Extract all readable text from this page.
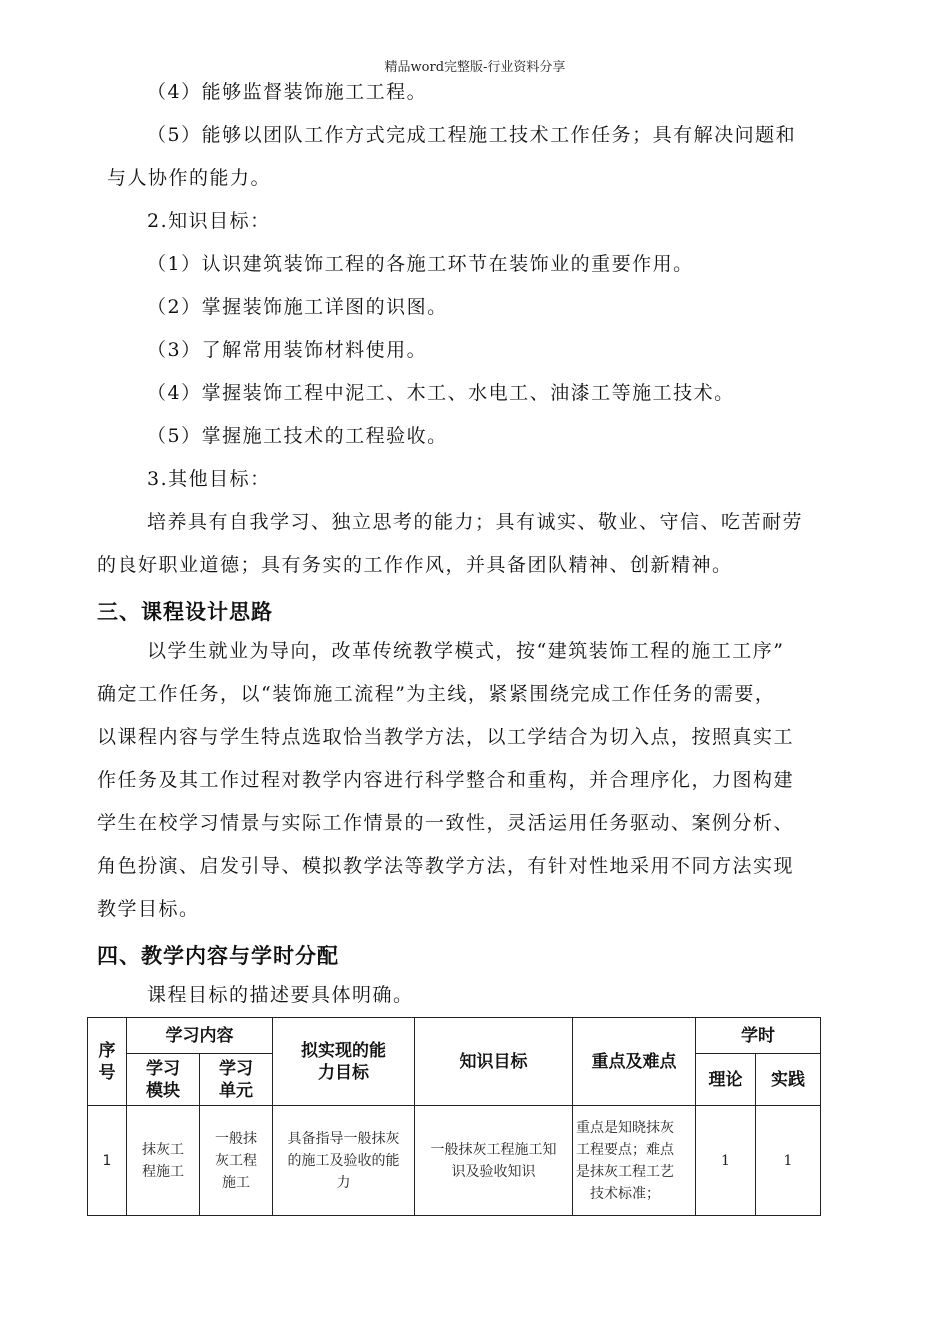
精品word完整版-行业资料分享
（4）能够监督装饰施工工程。
（5）能够以团队工作方式完成工程施工技术工作任务；具有解决问题和
与人协作的能力。
2.知识目标：
（1）认识建筑装饰工程的各施工环节在装饰业的重要作用。
（2）掌握装饰施工详图的识图。
（3）了解常用装饰材料使用。
（4）掌握装饰工程中泥工、木工、水电工、油漆工等施工技术。
（5）掌握施工技术的工程验收。
3.其他目标：
培养具有自我学习、独立思考的能力；具有诚实、敬业、守信、吃苦耐劳
的良好职业道德；具有务实的工作作风，并具备团队精神、创新精神。
三、课程设计思路
以学生就业为导向，改革传统教学模式，按“建筑装饰工程的施工工序”
确定工作任务，以“装饰施工流程”为主线，紧紧围绕完成工作任务的需要，
以课程内容与学生特点选取恰当教学方法，以工学结合为切入点，按照真实工
作任务及其工作过程对教学内容进行科学整合和重构，并合理序化，力图构建
学生在校学习情景与实际工作情景的一致性，灵活运用任务驱动、案例分析、
角色扮演、启发引导、模拟教学法等教学方法，有针对性地采用不同方法实现
教学目标。
四、教学内容与学时分配
课程目标的描述要具体明确。
序号	学习内容		拟实现的能力目标	知识目标	重点及难点	学时	

	学习模块	学习单元				理论	实践
1	抹灰工程施工	一般抹灰工程施工	具备指导一般抹灰的施工及验收的能力	一般抹灰工程施工知识及验收知识	重点是知晓抹灰工程要点；难点是抹灰工程工艺技术标准；	1	1
